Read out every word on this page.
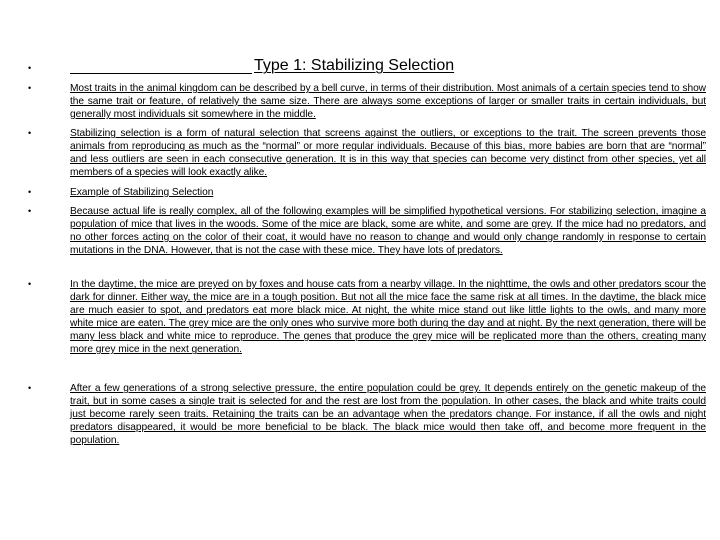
•	Type 1: Stabilizing Selection
•	Most traits in the animal kingdom can be described by a bell curve, in terms of their distribution. Most animals of a certain species tend to show the same trait or feature, of relatively the same size. There are always some exceptions of larger or smaller traits in certain individuals, but generally most individuals sit somewhere in the middle.

•	Stabilizing selection is a form of natural selection that screens against the outliers, or exceptions to the trait. The screen prevents those animals from reproducing as much as the “normal” or more regular individuals. Because of this bias, more babies are born that are “normal” and less outliers are seen in each consecutive generation. It is in this way that species can become very distinct from other species, yet all members of a species will look exactly alike.

•	Example of Stabilizing Selection

•	Because actual life is really complex, all of the following examples will be simplified hypothetical versions. For stabilizing selection, imagine a population of mice that lives in the woods. Some of the mice are black, some are white, and some are grey. If the mice had no predators, and no other forces acting on the color of their coat, it would have no reason to change and would only change randomly in response to certain mutations in the DNA. However, that is not the case with these mice. They have lots of predators.

•	In the daytime, the mice are preyed on by foxes and house cats from a nearby village. In the nighttime, the owls and other predators scour the dark for dinner. Either way, the mice are in a tough position. But not all the mice face the same risk at all times. In the daytime, the black mice are much easier to spot, and predators eat more black mice. At night, the white mice stand out like little lights to the owls, and many more white mice are eaten. The grey mice are the only ones who survive more both during the day and at night. By the next generation, there will be many less black and white mice to reproduce. The genes that produce the grey mice will be replicated more than the others, creating many more grey mice in the next generation.

•	After a few generations of a strong selective pressure, the entire population could be grey. It depends entirely on the genetic makeup of the trait, but in some cases a single trait is selected for and the rest are lost from the population. In other cases, the black and white traits could just become rarely seen traits. Retaining the traits can be an advantage when the predators change. For instance, if all the owls and night predators disappeared, it would be more beneficial to be black. The black mice would then take off, and become more frequent in the population.
